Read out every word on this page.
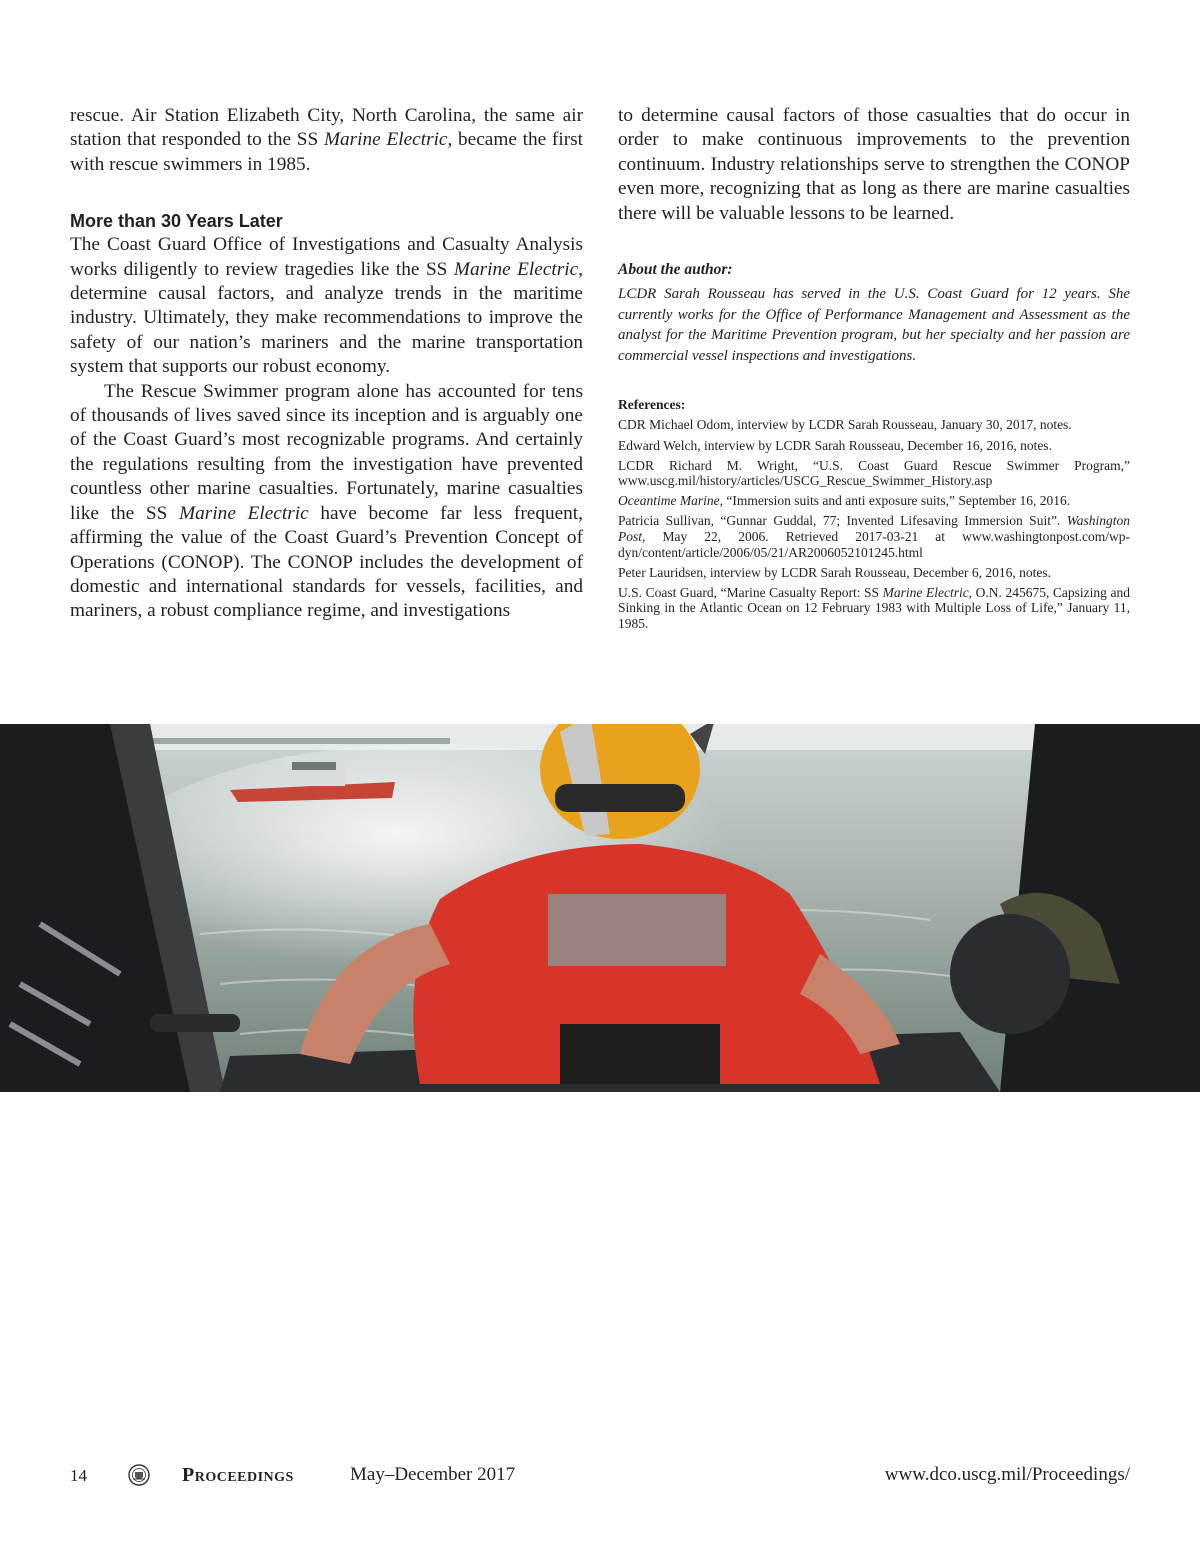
rescue. Air Station Elizabeth City, North Carolina, the same air station that responded to the SS Marine Electric, became the first with rescue swimmers in 1985.

More than 30 Years Later

The Coast Guard Office of Investigations and Casualty Analysis works diligently to review tragedies like the SS Marine Electric, determine causal factors, and analyze trends in the maritime industry. Ultimately, they make recommendations to improve the safety of our nation’s mariners and the marine transportation system that supports our robust economy.

The Rescue Swimmer program alone has accounted for tens of thousands of lives saved since its inception and is arguably one of the Coast Guard’s most recognizable programs. And certainly the regulations resulting from the investigation have prevented countless other marine casualties. Fortunately, marine casualties like the SS Marine Electric have become far less frequent, affirming the value of the Coast Guard’s Prevention Concept of Operations (CONOP). The CONOP includes the development of domestic and international standards for vessels, facilities, and mariners, a robust compliance regime, and investigations

to determine causal factors of those casualties that do occur in order to make continuous improvements to the prevention continuum. Industry relationships serve to strengthen the CONOP even more, recognizing that as long as there are marine casualties there will be valuable lessons to be learned.

About the author:

LCDR Sarah Rousseau has served in the U.S. Coast Guard for 12 years. She currently works for the Office of Performance Management and Assessment as the analyst for the Maritime Prevention program, but her specialty and her passion are commercial vessel inspections and investigations.

References:

CDR Michael Odom, interview by LCDR Sarah Rousseau, January 30, 2017, notes.

Edward Welch, interview by LCDR Sarah Rousseau, December 16, 2016, notes.

LCDR Richard M. Wright, “U.S. Coast Guard Rescue Swimmer Program,” www.uscg.mil/history/articles/USCG_Rescue_Swimmer_History.asp

Oceantime Marine, “Immersion suits and anti exposure suits,” September 16, 2016.

Patricia Sullivan, “Gunnar Guddal, 77; Invented Lifesaving Immersion Suit”. Washington Post, May 22, 2006. Retrieved 2017-03-21 at www.washingtonpost.com/wp-dyn/content/article/2006/05/21/AR2006052101245.html

Peter Lauridsen, interview by LCDR Sarah Rousseau, December 6, 2016, notes.

U.S. Coast Guard, “Marine Casualty Report: SS Marine Electric, O.N. 245675, Capsizing and Sinking in the Atlantic Ocean on 12 February 1983 with Multiple Loss of Life,” January 11, 1985.

A rescue swimmer with Coast Guard Air Station Elizabeth City, North Carolina, jumps from a helicopter during training. U.S. Coast Guard photo by Petty Officer Joshua Canup.

14	Proceedings	May–December 2017	www.dco.uscg.mil/Proceedings/
